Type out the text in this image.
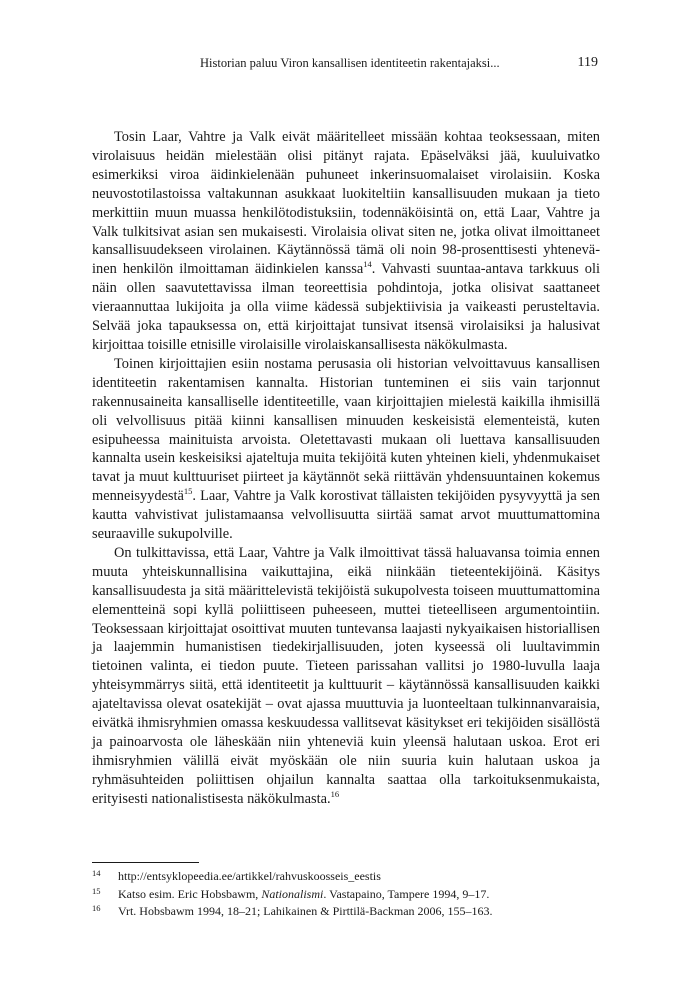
Historian paluu Viron kansallisen identiteetin rakentajaksi...	119

Tosin Laar, Vahtre ja Valk eivät määritelleet missään kohtaa teoksessaan, miten virolaisuus heidän mielestään olisi pitänyt rajata. Epäselväksi jää, kuuluivatko esimerkiksi viroa äidinkielenään puhuneet inkerinsuomalaiset virolaisiin. Koska neuvostotilastoissa valtakunnan asukkaat luokiteltiin kansallisuuden mukaan ja tieto merkittiin muun muassa henkilötodistuksiin, todennäköisintä on, että Laar, Vahtre ja Valk tulkitsivat asian sen mukaisesti. Virolaisia olivat siten ne, jotka olivat ilmoittaneet kansallisuudekseen virolainen. Käytännössä tämä oli noin 98-prosenttisesti yhteneväinen henkilön ilmoittaman äidinkielen kanssa$^{14}$. Vahvasti suuntaa-antava tarkkuus oli näin ollen saavutettavissa ilman teoreettisia pohdintoja, jotka olisivat saattaneet vieraannuttaa lukijoita ja olla viime kädessä subjektiivisia ja vaikeasti perusteltavia. Selvää joka tapauksessa on, että kirjoittajat tunsivat itsensä virolaisiksi ja halusivat kirjoittaa toisille etnisille virolaisille virolaiskansallisesta näkökulmasta.

Toinen kirjoittajien esiin nostama perusasia oli historian velvoittavuus kansallisen identiteetin rakentamisen kannalta. Historian tunteminen ei siis vain tarjonnut rakennusaineita kansalliselle identiteetille, vaan kirjoittajien mielestä kaikilla ihmisillä oli velvollisuus pitää kiinni kansallisen minuuden keskeisistä elementeistä, kuten esipuheessa mainituista arvoista. Oletettavasti mukaan oli luettava kansallisuuden kannalta usein keskeisiksi ajateltuja muita tekijöitä kuten yhteinen kieli, yhdenmukaiset tavat ja muut kulttuuriset piirteet ja käytännöt sekä riittävän yhdensuuntainen kokemus menneisyydestä$^{15}$. Laar, Vahtre ja Valk korostivat tällaisten tekijöiden pysyvyyttä ja sen kautta vahvistivat julistamaansa velvollisuutta siirtää samat arvot muuttumattomina seuraaville sukupolville.

On tulkittavissa, että Laar, Vahtre ja Valk ilmoittivat tässä haluavansa toimia ennen muuta yhteiskunnallisina vaikuttajina, eikä niinkään tieteentekijöinä. Käsitys kansallisuudesta ja sitä määrittelevistä tekijöistä sukupolvesta toiseen muuttumattomina elementteinä sopi kyllä poliittiseen puheeseen, muttei tieteelliseen argumentointiin. Teoksessaan kirjoittajat osoittivat muuten tuntevansa laajasti nykyaikaisen historiallisen ja laajemmin humanistisen tiedekirjallisuuden, joten kyseessä oli luultavimmin tietoinen valinta, ei tiedon puute. Tieteen parissahan vallitsi jo 1980-luvulla laaja yhteisymmärrys siitä, että identiteetit ja kulttuurit – käytännössä kansallisuuden kaikki ajateltavissa olevat osatekijät – ovat ajassa muuttuvia ja luonteeltaan tulkinnanvaraisia, eivätkä ihmisryhmien omassa keskuudessa vallitsevat käsitykset eri tekijöiden sisällöstä ja painoarvosta ole läheskään niin yhteneviä kuin yleensä halutaan uskoa. Erot eri ihmisryhmien välillä eivät myöskään ole niin suuria kuin halutaan uskoa ja ryhmäsuhteiden poliittisen ohjailun kannalta saattaa olla tarkoituksenmukaista, erityisesti nationalistisesta näkökulmasta.$^{16}$

14 http://entsyklopeedia.ee/artikkel/rahvuskoosseis_eestis
15 Katso esim. Eric Hobsbawm, Nationalismi. Vastapaino, Tampere 1994, 9–17.
16 Vrt. Hobsbawm 1994, 18–21; Lahikainen & Pirttilä-Backman 2006, 155–163.
